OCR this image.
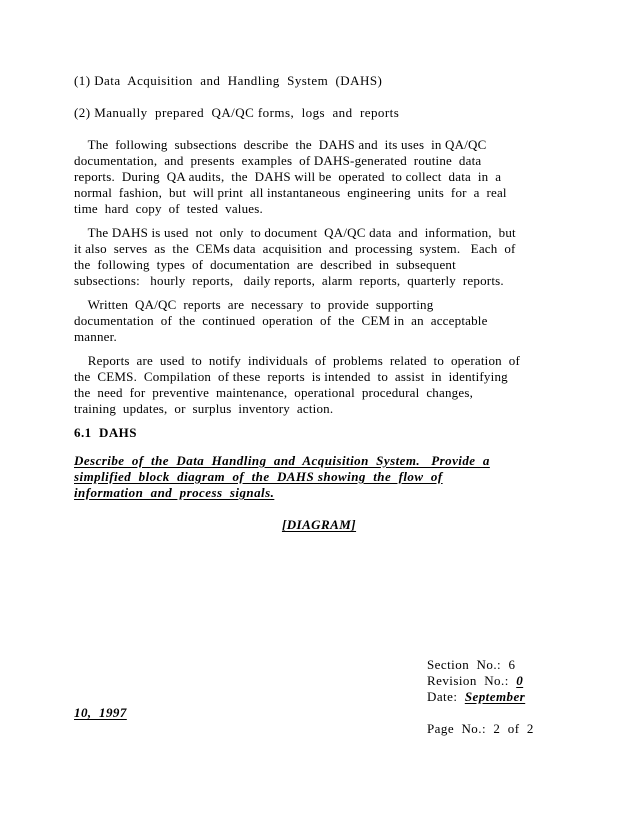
(1) Data  Acquisition  and  Handling  System  (DAHS)
(2) Manually  prepared  QA/QC forms,  logs  and  reports
The  following  subsections  describe  the  DAHS and  its uses  in QA/QC
documentation,  and  presents  examples  of DAHS-generated  routine  data
reports.  During  QA audits,  the  DAHS will be  operated  to collect  data  in  a
normal  fashion,  but  will print  all instantaneous  engineering  units  for  a  real
time  hard  copy  of  tested  values.
The DAHS is used  not  only  to document  QA/QC data  and  information,  but
it also  serves  as  the  CEMs data  acquisition  and  processing  system.   Each  of
the  following  types  of  documentation  are  described  in  subsequent
subsections:   hourly  reports,   daily reports,  alarm  reports,  quarterly  reports.
Written  QA/QC  reports  are  necessary  to  provide  supporting
documentation  of  the  continued  operation  of  the  CEM in  an  acceptable
manner.
Reports  are  used  to  notify  individuals  of  problems  related  to  operation  of
the  CEMS.  Compilation  of these  reports  is intended  to  assist  in  identifying
the  need  for  preventive  maintenance,  operational  procedural  changes,
training  updates,  or  surplus  inventory  action.
6.1  DAHS
Describe  of  the  Data  Handling  and  Acquisition  System.   Provide  a
simplified  block  diagram  of  the  DAHS showing  the  flow  of
information  and  process  signals.
[DIAGRAM]
Section  No.:  6
Revision  No.:  0
Date:  September
10,  1997
Page  No.:  2  of  2
